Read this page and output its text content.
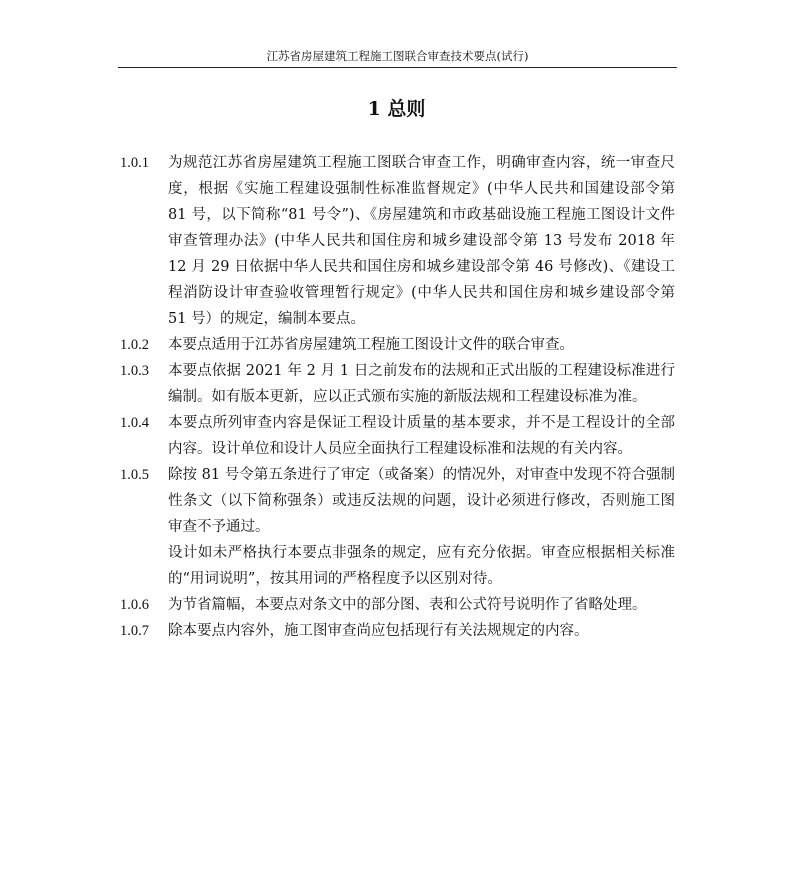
江苏省房屋建筑工程施工图联合审查技术要点(试行)
1 总则
1.0.1	为规范江苏省房屋建筑工程施工图联合审查工作，明确审查内容，统一审查尺度，根据《实施工程建设强制性标准监督规定》(中华人民共和国建设部令第 81 号，以下简称“81 号令”)、《房屋建筑和市政基础设施工程施工图设计文件审查管理办法》(中华人民共和国住房和城乡建设部令第 13 号发布 2018 年 12 月 29 日依据中华人民共和国住房和城乡建设部令第 46 号修改)、《建设工程消防设计审查验收管理暂行规定》(中华人民共和国住房和城乡建设部令第 51 号）的规定，编制本要点。
1.0.2	本要点适用于江苏省房屋建筑工程施工图设计文件的联合审查。
1.0.3	本要点依据 2021 年 2 月 1 日之前发布的法规和正式出版的工程建设标准进行编制。如有版本更新，应以正式颁布实施的新版法规和工程建设标准为准。
1.0.4	本要点所列审查内容是保证工程设计质量的基本要求，并不是工程设计的全部内容。设计单位和设计人员应全面执行工程建设标准和法规的有关内容。
1.0.5	除按 81 号令第五条进行了审定（或备案）的情况外，对审查中发现不符合强制性条文（以下简称强条）或违反法规的问题，设计必须进行修改，否则施工图审查不予通过。
设计如未严格执行本要点非强条的规定，应有充分依据。审查应根据相关标准的“用词说明”，按其用词的严格程度予以区别对待。
1.0.6	为节省篇幅，本要点对条文中的部分图、表和公式符号说明作了省略处理。
1.0.7	除本要点内容外，施工图审查尚应包括现行有关法规规定的内容。
